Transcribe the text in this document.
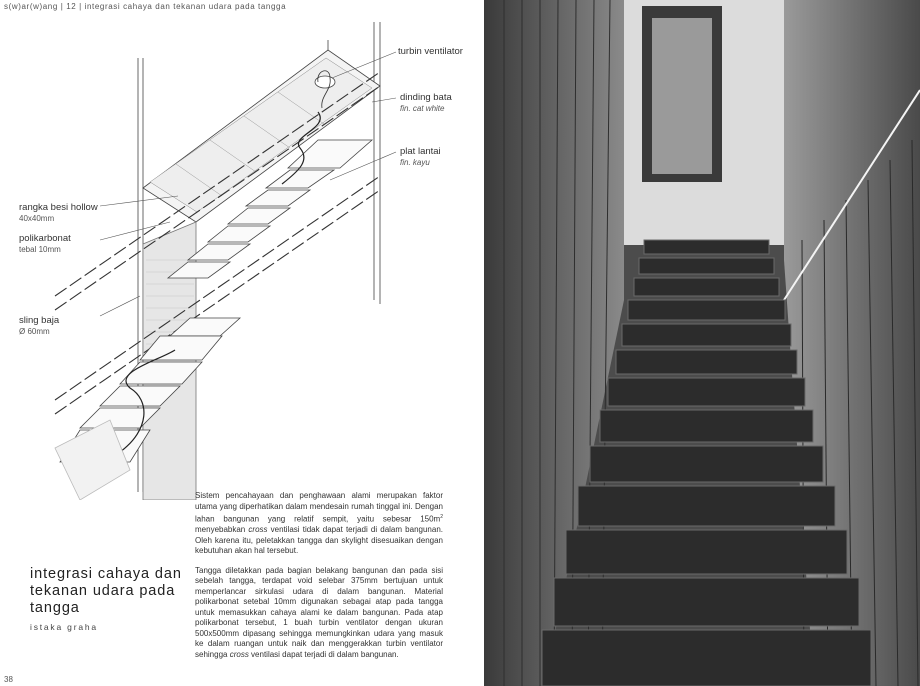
s(w)ar(w)ang | 12 | integrasi cahaya dan tekanan udara pada tangga
turbin ventilator
dinding bata
fin. cat white
plat lantai
fin. kayu
rangka besi hollow
40x40mm
polikarbonat
tebal 10mm
sling baja
Ø 60mm

Sistem pencahayaan dan penghawaan alami merupakan faktor utama yang diperhatikan dalam mendesain rumah tinggal ini. Dengan lahan bangunan yang relatif sempit, yaitu sebesar $150m^2$ menyebabkan cross ventilasi tidak dapat terjadi di dalam bangunan. Oleh karena itu, peletakkan tangga dan skylight disesuaikan dengan kebutuhan akan hal tersebut.

Tangga diletakkan pada bagian belakang bangunan dan pada sisi sebelah tangga, terdapat void selebar 375mm bertujuan untuk memperlancar sirkulasi udara di dalam bangunan. Material polikarbonat setebal 10mm digunakan sebagai atap pada tangga untuk memasukkan cahaya alami ke dalam bangunan. Pada atap polikarbonat tersebut, 1 buah turbin ventilator dengan ukuran 500x500mm dipasang sehingga memungkinkan udara yang masuk ke dalam ruangan untuk naik dan menggerakkan turbin ventilator sehingga cross ventilasi dapat terjadi di dalam bangunan.

integrasi cahaya dan tekanan udara pada tangga
istaka graha
38
